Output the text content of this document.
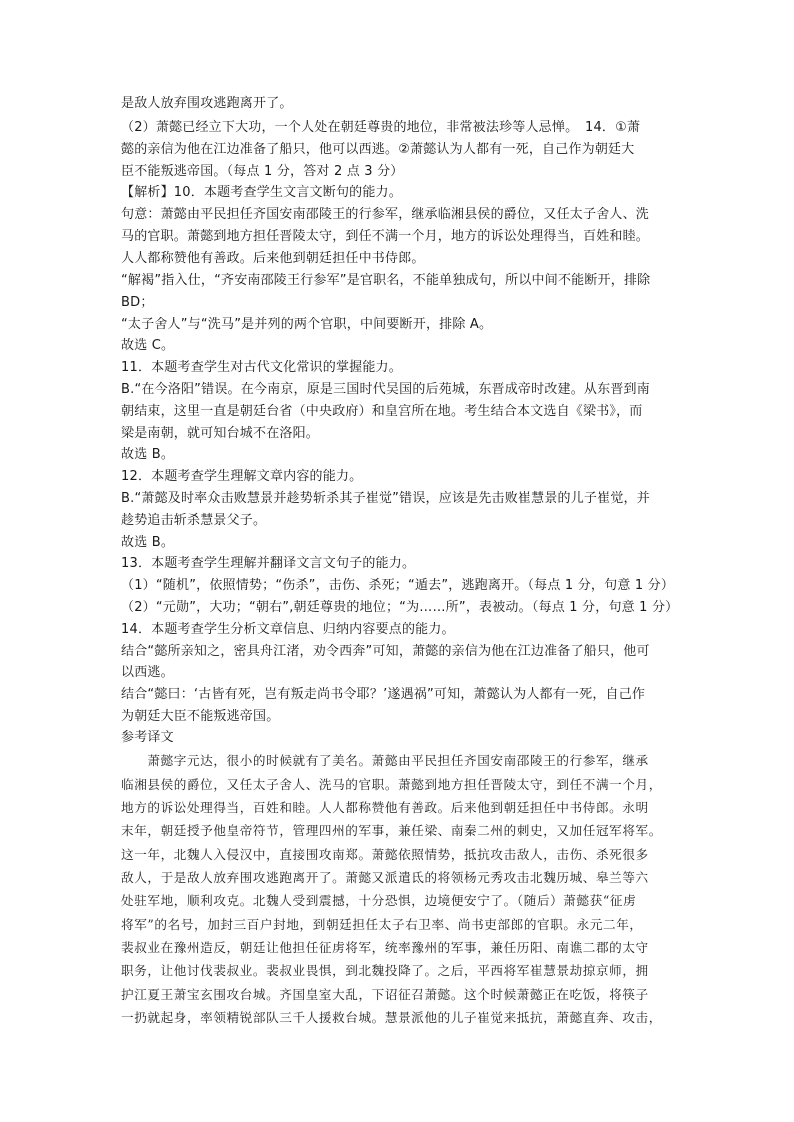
是敌人放弃围攻逃跑离开了。
（2）萧懿已经立下大功，一个人处在朝廷尊贵的地位，非常被法珍等人忌惮。　14．①萧
懿的亲信为他在江边准备了船只，他可以西逃。②萧懿认为人都有一死，自己作为朝廷大
臣不能叛逃帝国。（每点 1 分，答对 2 点 3 分）
【解析】10．本题考查学生文言文断句的能力。
句意：萧懿由平民担任齐国安南邵陵王的行参军，继承临湘县侯的爵位，又任太子舍人、洗
马的官职。萧懿到地方担任晋陵太守，到任不满一个月，地方的诉讼处理得当，百姓和睦。
人人都称赞他有善政。后来他到朝廷担任中书侍郎。
“解褐”指入仕，“齐安南邵陵王行参军”是官职名，不能单独成句，所以中间不能断开，排除
BD；
“太子舍人”与“洗马”是并列的两个官职，中间要断开，排除 A。
故选 C。
11．本题考查学生对古代文化常识的掌握能力。
B.“在今洛阳”错误。在今南京，原是三国时代吴国的后苑城，东晋成帝时改建。从东晋到南
朝结束，这里一直是朝廷台省（中央政府）和皇宫所在地。考生结合本文选自《梁书》，而
梁是南朝，就可知台城不在洛阳。
故选 B。
12．本题考查学生理解文章内容的能力。
B.“萧懿及时率众击败慧景并趁势斩杀其子崔觉”错误，应该是先击败崔慧景的儿子崔觉，并
趁势追击斩杀慧景父子。
故选 B。
13．本题考查学生理解并翻译文言文句子的能力。
（1）“随机”，依照情势；“伤杀”，击伤、杀死；“遁去”，逃跑离开。（每点 1 分，句意 1 分）
（2）“元勋”，大功；“朝右”,朝廷尊贵的地位；“为……所”，表被动。（每点 1 分，句意 1 分）
14．本题考查学生分析文章信息、归纳内容要点的能力。
结合“懿所亲知之，密具舟江渚，劝令西奔”可知，萧懿的亲信为他在江边准备了船只，他可
以西逃。
结合“懿曰：‘古皆有死，岂有叛走尚书令耶？’遂遇祸”可知，萧懿认为人都有一死，自己作
为朝廷大臣不能叛逃帝国。
参考译文
　　萧懿字元达，很小的时候就有了美名。萧懿由平民担任齐国安南邵陵王的行参军，继承
临湘县侯的爵位，又任太子舍人、洗马的官职。萧懿到地方担任晋陵太守，到任不满一个月，
地方的诉讼处理得当，百姓和睦。人人都称赞他有善政。后来他到朝廷担任中书侍郎。永明
末年，朝廷授予他皇帝符节，管理四州的军事，兼任梁、南秦二州的刺史，又加任冠军将军。
这一年，北魏人入侵汉中，直接围攻南郑。萧懿依照情势，抵抗攻击敌人，击伤、杀死很多
敌人，于是敌人放弃围攻逃跑离开了。萧懿又派遣氐的将领杨元秀攻击北魏历城、皋兰等六
处驻军地，顺利攻克。北魏人受到震撼，十分恐惧，边境便安宁了。（随后）萧懿获“征虏
将军”的名号，加封三百户封地，到朝廷担任太子右卫率、尚书吏部郎的官职。永元二年，
裴叔业在豫州造反，朝廷让他担任征虏将军，统率豫州的军事，兼任历阳、南谯二郡的太守
职务，让他讨伐裴叔业。裴叔业畏惧，到北魏投降了。之后，平西将军崔慧景劫掠京师，拥
护江夏王萧宝玄围攻台城。齐国皇室大乱，下诏征召萧懿。这个时候萧懿正在吃饭，将筷子
一扔就起身，率领精锐部队三千人援救台城。慧景派他的儿子崔觉来抵抗，萧懿直奔、攻击，
